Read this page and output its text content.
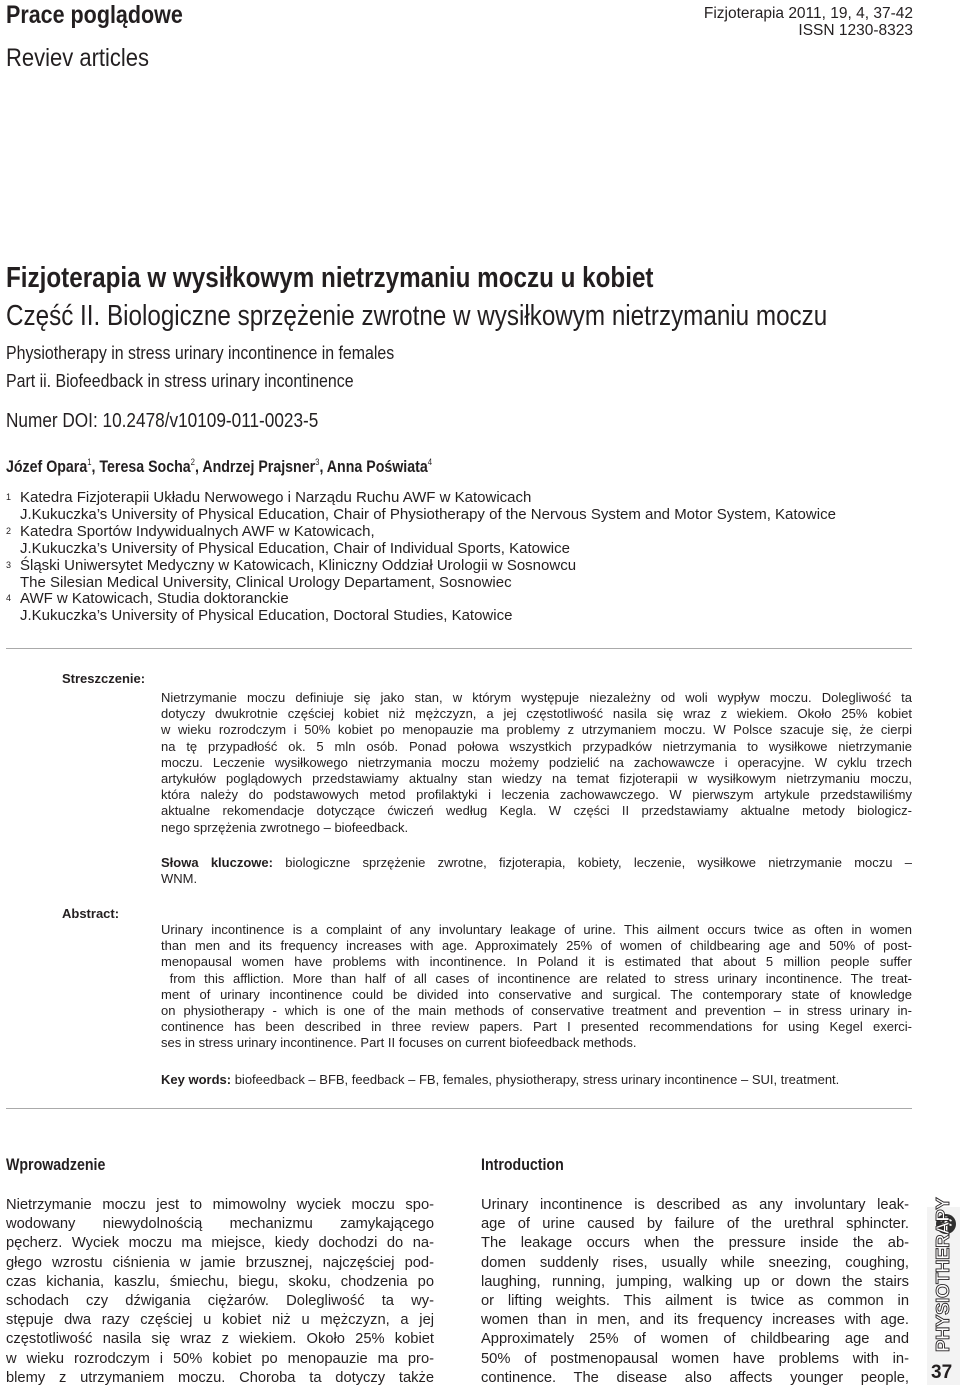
Prace poglądowe
Reviev articles
Fizjoterapia 2011, 19, 4, 37-42
ISSN 1230-8323
Fizjoterapia w wysiłkowym nietrzymaniu moczu u kobiet
Część II. Biologiczne sprzężenie zwrotne w wysiłkowym nietrzymaniu moczu
Physiotherapy in stress urinary incontinence in females
Part ii. Biofeedback in stress urinary incontinence
Numer DOI: 10.2478/v10109-011-0023-5
Józef Opara$^1$, Teresa Socha$^2$, Andrzej Prajsner$^3$, Anna Poświata$^4$
1 Katedra Fizjoterapii Układu Nerwowego i Narządu Ruchu AWF w Katowicach
J.Kukuczka’s University of Physical Education, Chair of Physiotherapy of the Nervous System and Motor System, Katowice
2 Katedra Sportów Indywidualnych AWF w Katowicach,
J.Kukuczka’s University of Physical Education, Chair of Individual Sports, Katowice
3 Śląski Uniwersytet Medyczny w Katowicach, Kliniczny Oddział Urologii w Sosnowcu
The Silesian Medical University, Clinical Urology Departament, Sosnowiec
4 AWF w Katowicach, Studia doktoranckie
J.Kukuczka’s University of Physical Education, Doctoral Studies, Katowice
Streszczenie:
Nietrzymanie moczu definiuje się jako stan, w którym występuje niezależny od woli wypływ moczu. Dolegliwość ta
dotyczy dwukrotnie częściej kobiet niż mężczyzn, a jej częstotliwość nasila się wraz z wiekiem. Około 25% kobiet
w wieku rozrodczym i 50% kobiet po menopauzie ma problemy z utrzymaniem moczu. W Polsce szacuje się, że cierpi
na tę przypadłość ok. 5 mln osób. Ponad połowa wszystkich przypadków nietrzymania to wysiłkowe nietrzymanie
moczu. Leczenie wysiłkowego nietrzymania moczu możemy podzielić na zachowawcze i operacyjne. W cyklu trzech
artykułów poglądowych przedstawiamy aktualny stan wiedzy na temat fizjoterapii w wysiłkowym nietrzymaniu moczu,
która należy do podstawowych metod profilaktyki i leczenia zachowawczego. W pierwszym artykule przedstawiliśmy
aktualne rekomendacje dotyczące ćwiczeń według Kegla. W części II przedstawiamy aktualne metody biologicz-
nego sprzężenia zwrotnego – biofeedback.
Słowa kluczowe: biologiczne sprzężenie zwrotne, fizjoterapia, kobiety, leczenie, wysiłkowe nietrzymanie moczu –
WNM.
Abstract:
Urinary incontinence is a complaint of any involuntary leakage of urine. This ailment occurs twice as often in women
than men and its frequency increases with age. Approximately 25% of women of childbearing age and 50% of post-
menopausal women have problems with incontinence. In Poland it is estimated that about 5 million people suffer
from this affliction. More than half of all cases of incontinence are related to stress urinary incontinence. The treat-
ment of urinary incontinence could be divided into conservative and surgical. The contemporary state of knowledge
on physiotherapy - which is one of the main methods of conservative treatment and prevention – in stress urinary in-
continence has been described in three review papers. Part I presented recommendations for using Kegel exerci-
ses in stress urinary incontinence. Part II focuses on current biofeedback methods.
Key words: biofeedback – BFB, feedback – FB, females, physiotherapy, stress urinary incontinence – SUI, treatment.
Wprowadzenie	Introduction
Nietrzymanie moczu jest to mimowolny wyciek moczu spo-
wodowany niewydolnością mechanizmu zamykającego
pęcherz. Wyciek moczu ma miejsce, kiedy dochodzi do na-
głego wzrostu ciśnienia w jamie brzusznej, najczęściej pod-
czas kichania, kaszlu, śmiechu, biegu, skoku, chodzenia po
schodach czy dźwigania ciężarów. Dolegliwość ta wy-
stępuje dwa razy częściej u kobiet niż u mężczyzn, a jej
częstotliwość nasila się wraz z wiekiem. Około 25% kobiet
w wieku rozrodczym i 50% kobiet po menopauzie ma pro-
blemy z utrzymaniem moczu. Choroba ta dotyczy także
Urinary incontinence is described as any involuntary leak-
age of urine caused by failure of the urethral sphincter.
The leakage occurs when the pressure inside the ab-
domen suddenly rises, usually while sneezing, coughing,
laughing, running, jumping, walking up or down the stairs
or lifting weights. This ailment is twice as common in
women than in men, and its frequency increases with age.
Approximately 25% of women of childbearing age and
50% of postmenopausal women have problems with in-
continence. The disease also affects younger people,
PHYSIOTHERAPY
37
